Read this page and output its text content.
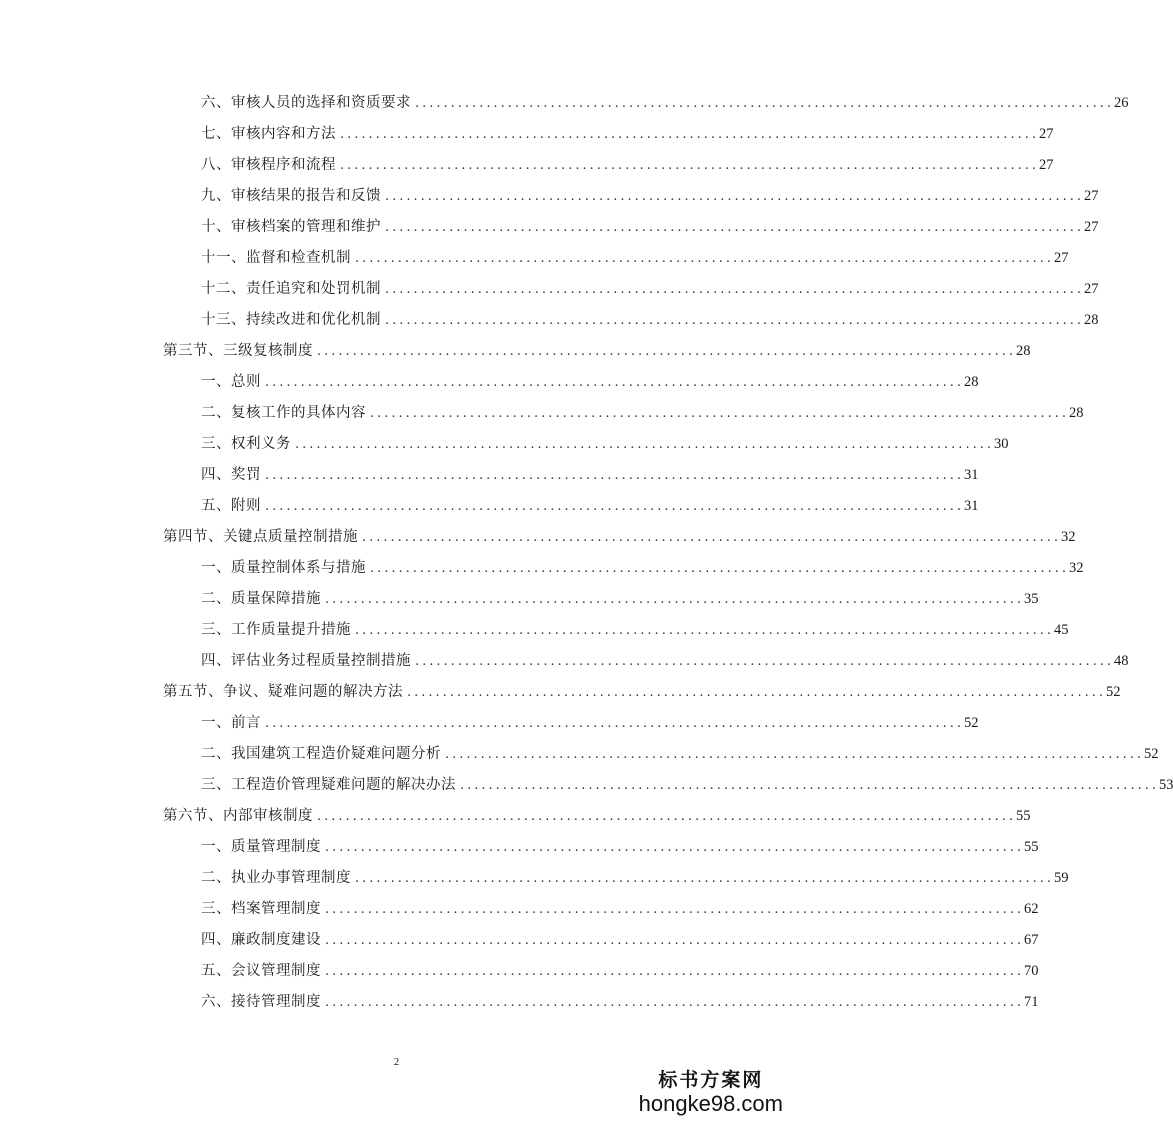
六、审核人员的选择和资质要求 .................................................................................................. 26
七、审核内容和方法 .................................................................................................. 27
八、审核程序和流程 .................................................................................................. 27
九、审核结果的报告和反馈 .................................................................................................. 27
十、审核档案的管理和维护 .................................................................................................. 27
十一、监督和检查机制 .................................................................................................. 27
十二、责任追究和处罚机制 .................................................................................................. 27
十三、持续改进和优化机制 .................................................................................................. 28
第三节、三级复核制度 .................................................................................................. 28
一、总则 .................................................................................................. 28
二、复核工作的具体内容 .................................................................................................. 28
三、权利义务 .................................................................................................. 30
四、奖罚 .................................................................................................. 31
五、附则 .................................................................................................. 31
第四节、关键点质量控制措施 .................................................................................................. 32
一、质量控制体系与措施 .................................................................................................. 32
二、质量保障措施 .................................................................................................. 35
三、工作质量提升措施 .................................................................................................. 45
四、评估业务过程质量控制措施 .................................................................................................. 48
第五节、争议、疑难问题的解决方法 .................................................................................................. 52
一、前言 .................................................................................................. 52
二、我国建筑工程造价疑难问题分析 .................................................................................................. 52
三、工程造价管理疑难问题的解决办法 .................................................................................................. 53
第六节、内部审核制度 .................................................................................................. 55
一、质量管理制度 .................................................................................................. 55
二、执业办事管理制度 .................................................................................................. 59
三、档案管理制度 .................................................................................................. 62
四、廉政制度建设 .................................................................................................. 67
五、会议管理制度 .................................................................................................. 70
六、接待管理制度 .................................................................................................. 71
2
标书方案网
hongke98.com
